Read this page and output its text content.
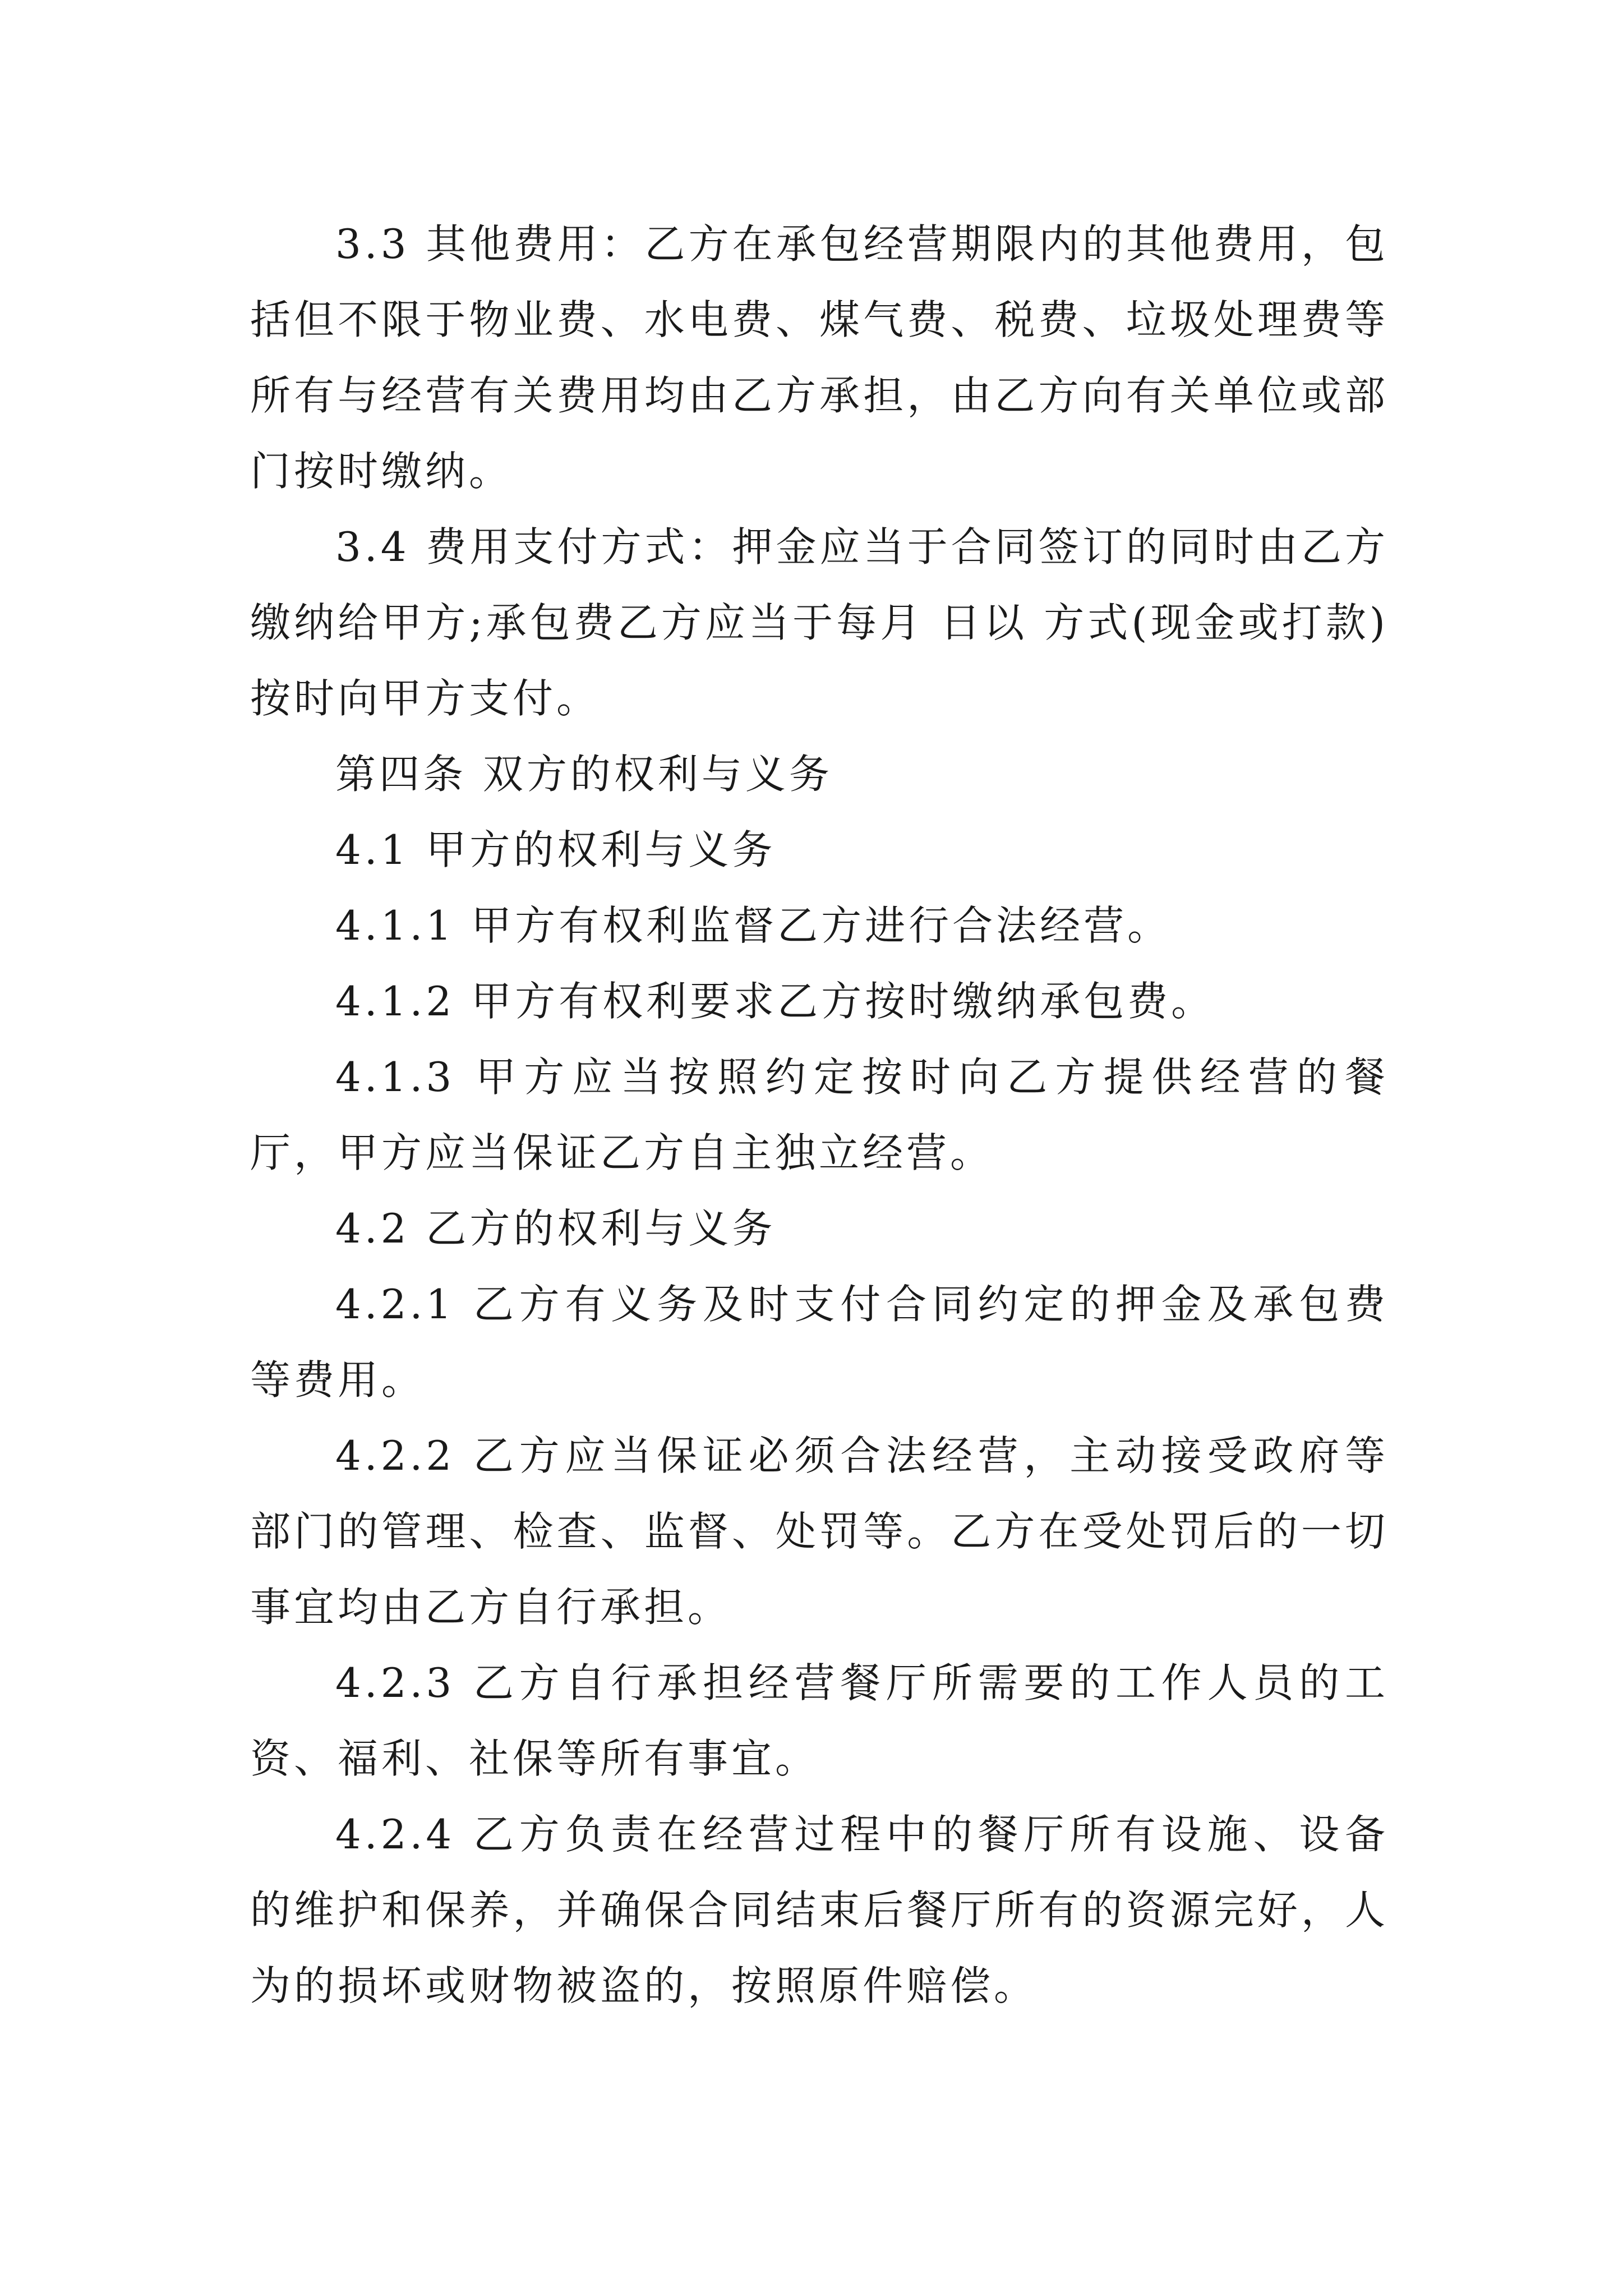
3.3 其他费用：乙方在承包经营期限内的其他费用，包括但不限于物业费、水电费、煤气费、税费、垃圾处理费等所有与经营有关费用均由乙方承担，由乙方向有关单位或部门按时缴纳。

3.4 费用支付方式：押金应当于合同签订的同时由乙方缴纳给甲方;承包费乙方应当于每月 日以 方式(现金或打款)按时向甲方支付。

第四条 双方的权利与义务

4.1 甲方的权利与义务

4.1.1 甲方有权利监督乙方进行合法经营。

4.1.2 甲方有权利要求乙方按时缴纳承包费。

4.1.3 甲方应当按照约定按时向乙方提供经营的餐厅，甲方应当保证乙方自主独立经营。

4.2 乙方的权利与义务

4.2.1 乙方有义务及时支付合同约定的押金及承包费等费用。

4.2.2 乙方应当保证必须合法经营，主动接受政府等部门的管理、检查、监督、处罚等。乙方在受处罚后的一切事宜均由乙方自行承担。

4.2.3 乙方自行承担经营餐厅所需要的工作人员的工资、福利、社保等所有事宜。

4.2.4 乙方负责在经营过程中的餐厅所有设施、设备的维护和保养，并确保合同结束后餐厅所有的资源完好，人为的损坏或财物被盗的，按照原件赔偿。
